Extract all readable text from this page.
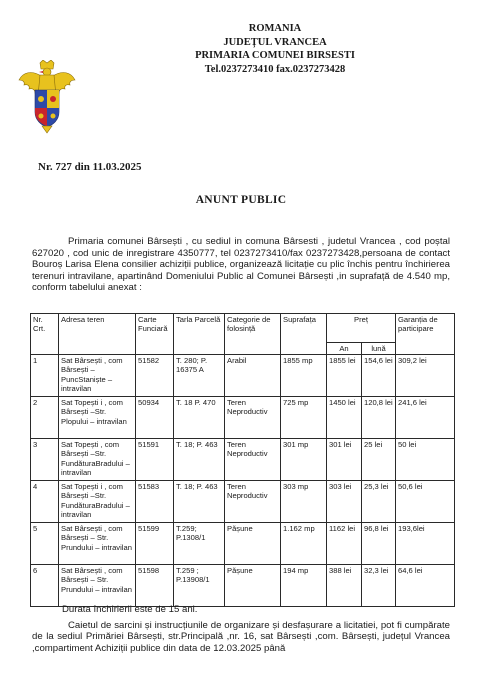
ROMANIA
JUDEȚUL VRANCEA
PRIMARIA COMUNEI BIRSESTI
Tel.0237273410 fax.0237273428
Nr. 727 din 11.03.2025
ANUNT PUBLIC

Primaria comunei Bârsești , cu sediul in comuna Bârsesti , judetul Vrancea , cod poștal 627020 , cod unic de inregistrare 4350777, tel 0237273410/fax 0237273428,persoana de contact Bouroș Larisa Elena consilier achiziții publice, organizează licitație cu plic închis pentru închirierea terenuri intravilane, apartinând Domeniului Public al Comunei Bârsești ,in suprafață de 4.540 mp, conform tabelului anexat :

Nr. Crt.	Adresa teren	Carte Funciară	Tarla Parcelă	Categorie de folosință	Suprafața	Preț		Garanția de participare
						An	lună	
1	Sat Bârsești , com Bârsești – PuncStaniște – intravilan	51582	T. 280; P. 16375 A	Arabil	1855 mp	1855 lei	154,6 lei	309,2 lei
2	Sat Topești i , com Bârsești –Str. Plopului – intravilan	50934	T. 18 P. 470	Teren Neproductiv	725 mp	1450 lei	120,8 lei	241,6 lei
3	Sat Topești , com Bârsești –Str. FundăturaBradului – intravilan	51591	T. 18; P. 463	Teren Neproductiv	301 mp	301 lei	25 lei	50 lei
4	Sat Topești i , com Bârsești –Str. FundăturaBradului – intravilan	51583	T. 18; P. 463	Teren Neproductiv	303 mp	303 lei	25,3 lei	50,6 lei
5	Sat Bârsești , com Bârsești – Str. Prundului – intravilan	51599	T.259; P.1308/1	Pășune	1.162 mp	1162 lei	96,8 lei	193,6lei
6	Sat Bârsești , com Bârsești – Str. Prundului – intravilan	51598	T.259 ; P.13908/1	Pășune	194 mp	388 lei	32,3 lei	64,6 lei
Durata închirierii este de 15 ani.

Caietul de sarcini și instrucțiunile de organizare și desfașurare a licitatiei, pot fi cumpărate de la sediul Primăriei Bârsești, str.Principală ,nr. 16, sat Bârsești ,com. Bârsești, județul Vrancea ,compartiment Achiziții publice din data de 12.03.2025 până
